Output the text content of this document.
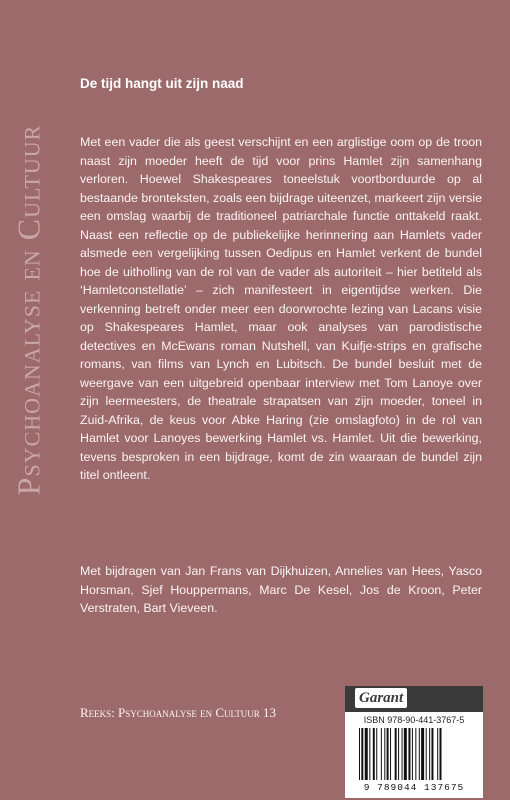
Psychoanalyse en Cultuur
De tijd hangt uit zijn naad
Met een vader die als geest verschijnt en een arglistige oom op de troon naast zijn moeder heeft de tijd voor prins Hamlet zijn samenhang verloren. Hoewel Shakespeares toneelstuk voortborduurde op al bestaande bronteksten, zoals een bijdrage uiteenzet, markeert zijn versie een omslag waarbij de traditioneel patriarchale functie onttakeld raakt. Naast een reflectie op de publiekelijke herinnering aan Hamlets vader alsmede een vergelijking tussen Oedipus en Hamlet verkent de bundel hoe de uitholling van de rol van de vader als autoriteit – hier betiteld als ‘Hamletconstellatie’ – zich manifesteert in eigentijdse werken. Die verkenning betreft onder meer een doorwrochte lezing van Lacans visie op Shakespeares Hamlet, maar ook analyses van parodistische detectives en McEwans roman Nutshell, van Kuifje-strips en grafische romans, van films van Lynch en Lubitsch. De bundel besluit met de weergave van een uitgebreid openbaar interview met Tom Lanoye over zijn leermeesters, de theatrale strapatsen van zijn moeder, toneel in Zuid-Afrika, de keus voor Abke Haring (zie omslagfoto) in de rol van Hamlet voor Lanoyes bewerking Hamlet vs. Hamlet. Uit die bewerking, tevens besproken in een bijdrage, komt de zin waaraan de bundel zijn titel ontleent.
Met bijdragen van Jan Frans van Dijkhuizen, Annelies van Hees, Yasco Horsman, Sjef Houppermans, Marc De Kesel, Jos de Kroon, Peter Verstraten, Bart Vieveen.
Reeks: Psychoanalyse en Cultuur 13
Garant
ISBN 978-90-441-3767-5
9 789044 137675
